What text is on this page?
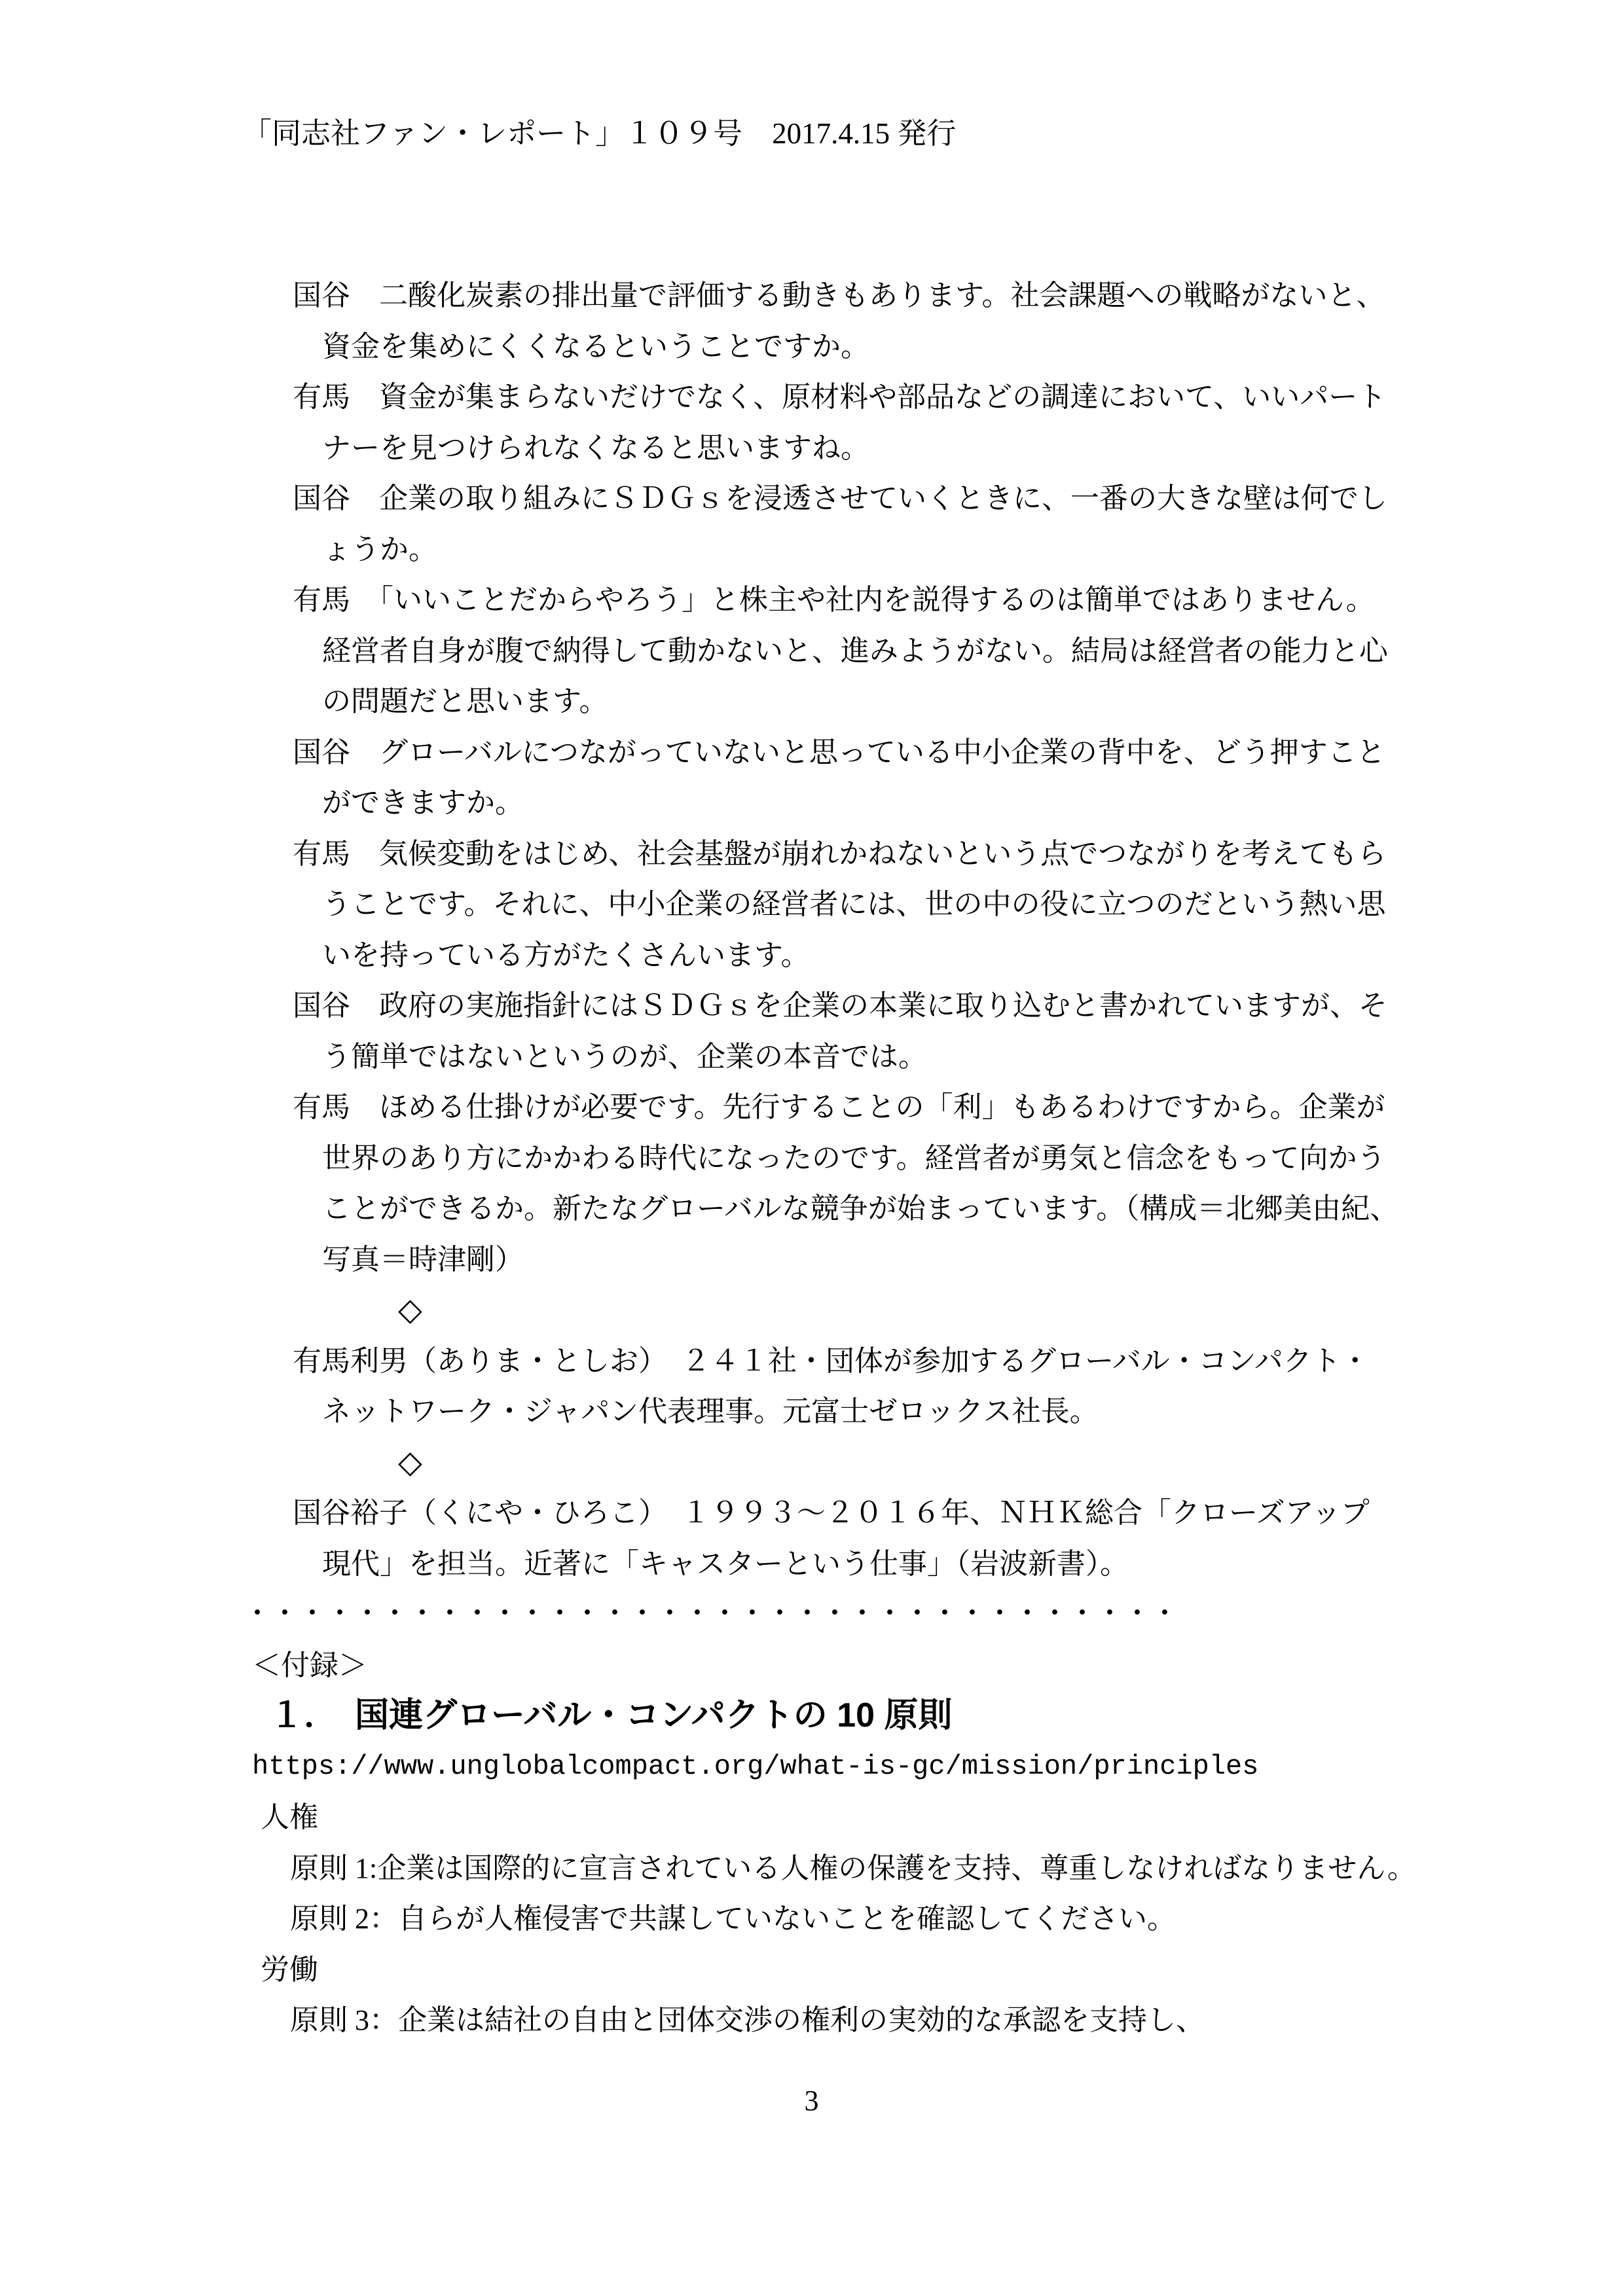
「同志社ファン・レポート」１０９号　2017.4.15 発行
国谷　二酸化炭素の排出量で評価する動きもあります。社会課題への戦略がないと、
資金を集めにくくなるということですか。
有馬　資金が集まらないだけでなく、原材料や部品などの調達において、いいパート
ナーを見つけられなくなると思いますね。
国谷　企業の取り組みにＳＤＧｓを浸透させていくときに、一番の大きな壁は何でし
ょうか。
有馬　「いいことだからやろう」と株主や社内を説得するのは簡単ではありません。
経営者自身が腹で納得して動かないと、進みようがない。結局は経営者の能力と心
の問題だと思います。
国谷　グローバルにつながっていないと思っている中小企業の背中を、どう押すこと
ができますか。
有馬　気候変動をはじめ、社会基盤が崩れかねないという点でつながりを考えてもら
うことです。それに、中小企業の経営者には、世の中の役に立つのだという熱い思
いを持っている方がたくさんいます。
国谷　政府の実施指針にはＳＤＧｓを企業の本業に取り込むと書かれていますが、そ
う簡単ではないというのが、企業の本音では。
有馬　ほめる仕掛けが必要です。先行することの「利」もあるわけですから。企業が
世界のあり方にかかわる時代になったのです。経営者が勇気と信念をもって向かう
ことができるか。新たなグローバルな競争が始まっています。（構成＝北郷美由紀、
写真＝時津剛）
◇
有馬利男（ありま・としお）　２４１社・団体が参加するグローバル・コンパクト・
ネットワーク・ジャパン代表理事。元富士ゼロックス社長。
◇
国谷裕子（くにや・ひろこ）　１９９３～２０１６年、ＮＨＫ総合「クローズアップ
現代」を担当。近著に「キャスターという仕事」（岩波新書）。
・・・・・・・・・・・・・・・・・・・・・・・・・・・・・・・・・・
＜付録＞
１．　国連グローバル・コンパクトの 10 原則
https://www.unglobalcompact.org/what-is-gc/mission/principles
人権
原則 1:企業は国際的に宣言されている人権の保護を支持、尊重しなければなりません。
原則 2：自らが人権侵害で共謀していないことを確認してください。
労働
原則 3：企業は結社の自由と団体交渉の権利の実効的な承認を支持し、
3
